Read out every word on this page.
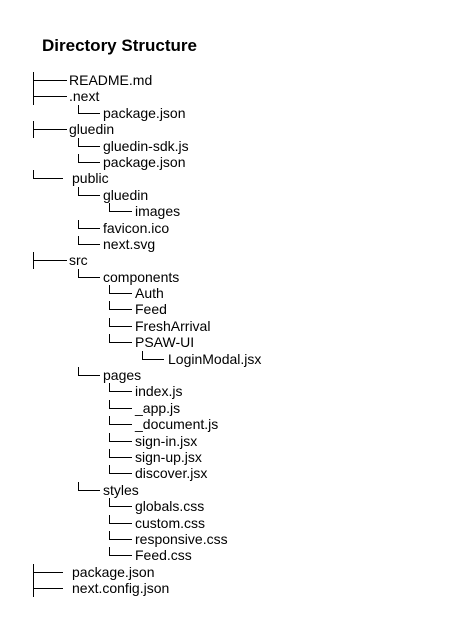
Directory Structure
README.md
.next
package.json
gluedin
gluedin-sdk.js
package.json
public
gluedin
images
favicon.ico
next.svg
src
components
Auth
Feed
FreshArrival
PSAW-UI
LoginModal.jsx
pages
index.js
_app.js
_document.js
sign-in.jsx
sign-up.jsx
discover.jsx
styles
globals.css
custom.css
responsive.css
Feed.css
package.json
next.config.json
